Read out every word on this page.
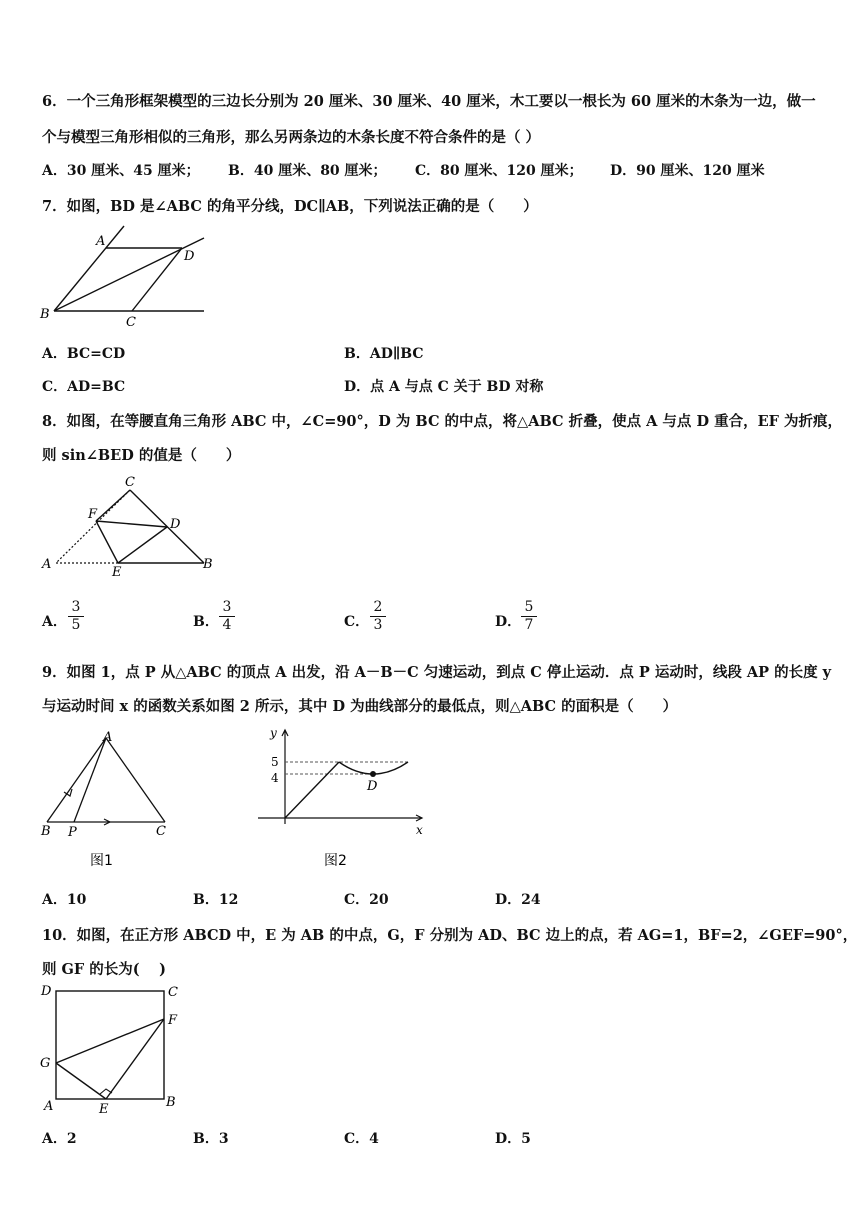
6．一个三角形框架模型的三边长分别为 20 厘米、30 厘米、40 厘米，木工要以一根长为 60 厘米的木条为一边，做一
个与模型三角形相似的三角形，那么另两条边的木条长度不符合条件的是（ ）
A．30 厘米、45 厘米； B．40 厘米、80 厘米； C．80 厘米、120 厘米； D．90 厘米、120 厘米
7．如图，BD 是∠ABC 的角平分线，DC∥AB，下列说法正确的是（　　）
A
D
B
C
A．BC=CD	B．AD∥BC
C．AD=BC	D．点 A 与点 C 关于 BD 对称
8．如图，在等腰直角三角形 ABC 中，∠C=90°，D 为 BC 的中点，将△ABC 折叠，使点 A 与点 D 重合，EF 为折痕，
则 sin∠BED 的值是（　　）
C
F
D
A
E
B
A． $\frac{3}{5}$	B． $\frac{3}{4}$	C． $\frac{2}{3}$	D． $\frac{5}{7}$
9．如图 1，点 P 从△ABC 的顶点 A 出发，沿 A－B－C 匀速运动，到点 C 停止运动．点 P 运动时，线段 AP 的长度 y
与运动时间 x 的函数关系如图 2 所示，其中 D 为曲线部分的最低点，则△ABC 的面积是（　　）
A
B P	C
图1
y
5
4
D
x
图2
A．10	B．12	C．20	D．24
10．如图，在正方形 ABCD 中，E 为 AB 的中点，G，F 分别为 AD、BC 边上的点，若 AG=1，BF=2，∠GEF=90°，
则 GF 的长为(　 )
D	C
F
G
A	E	B
A．2	B．3	C．4	D．5
